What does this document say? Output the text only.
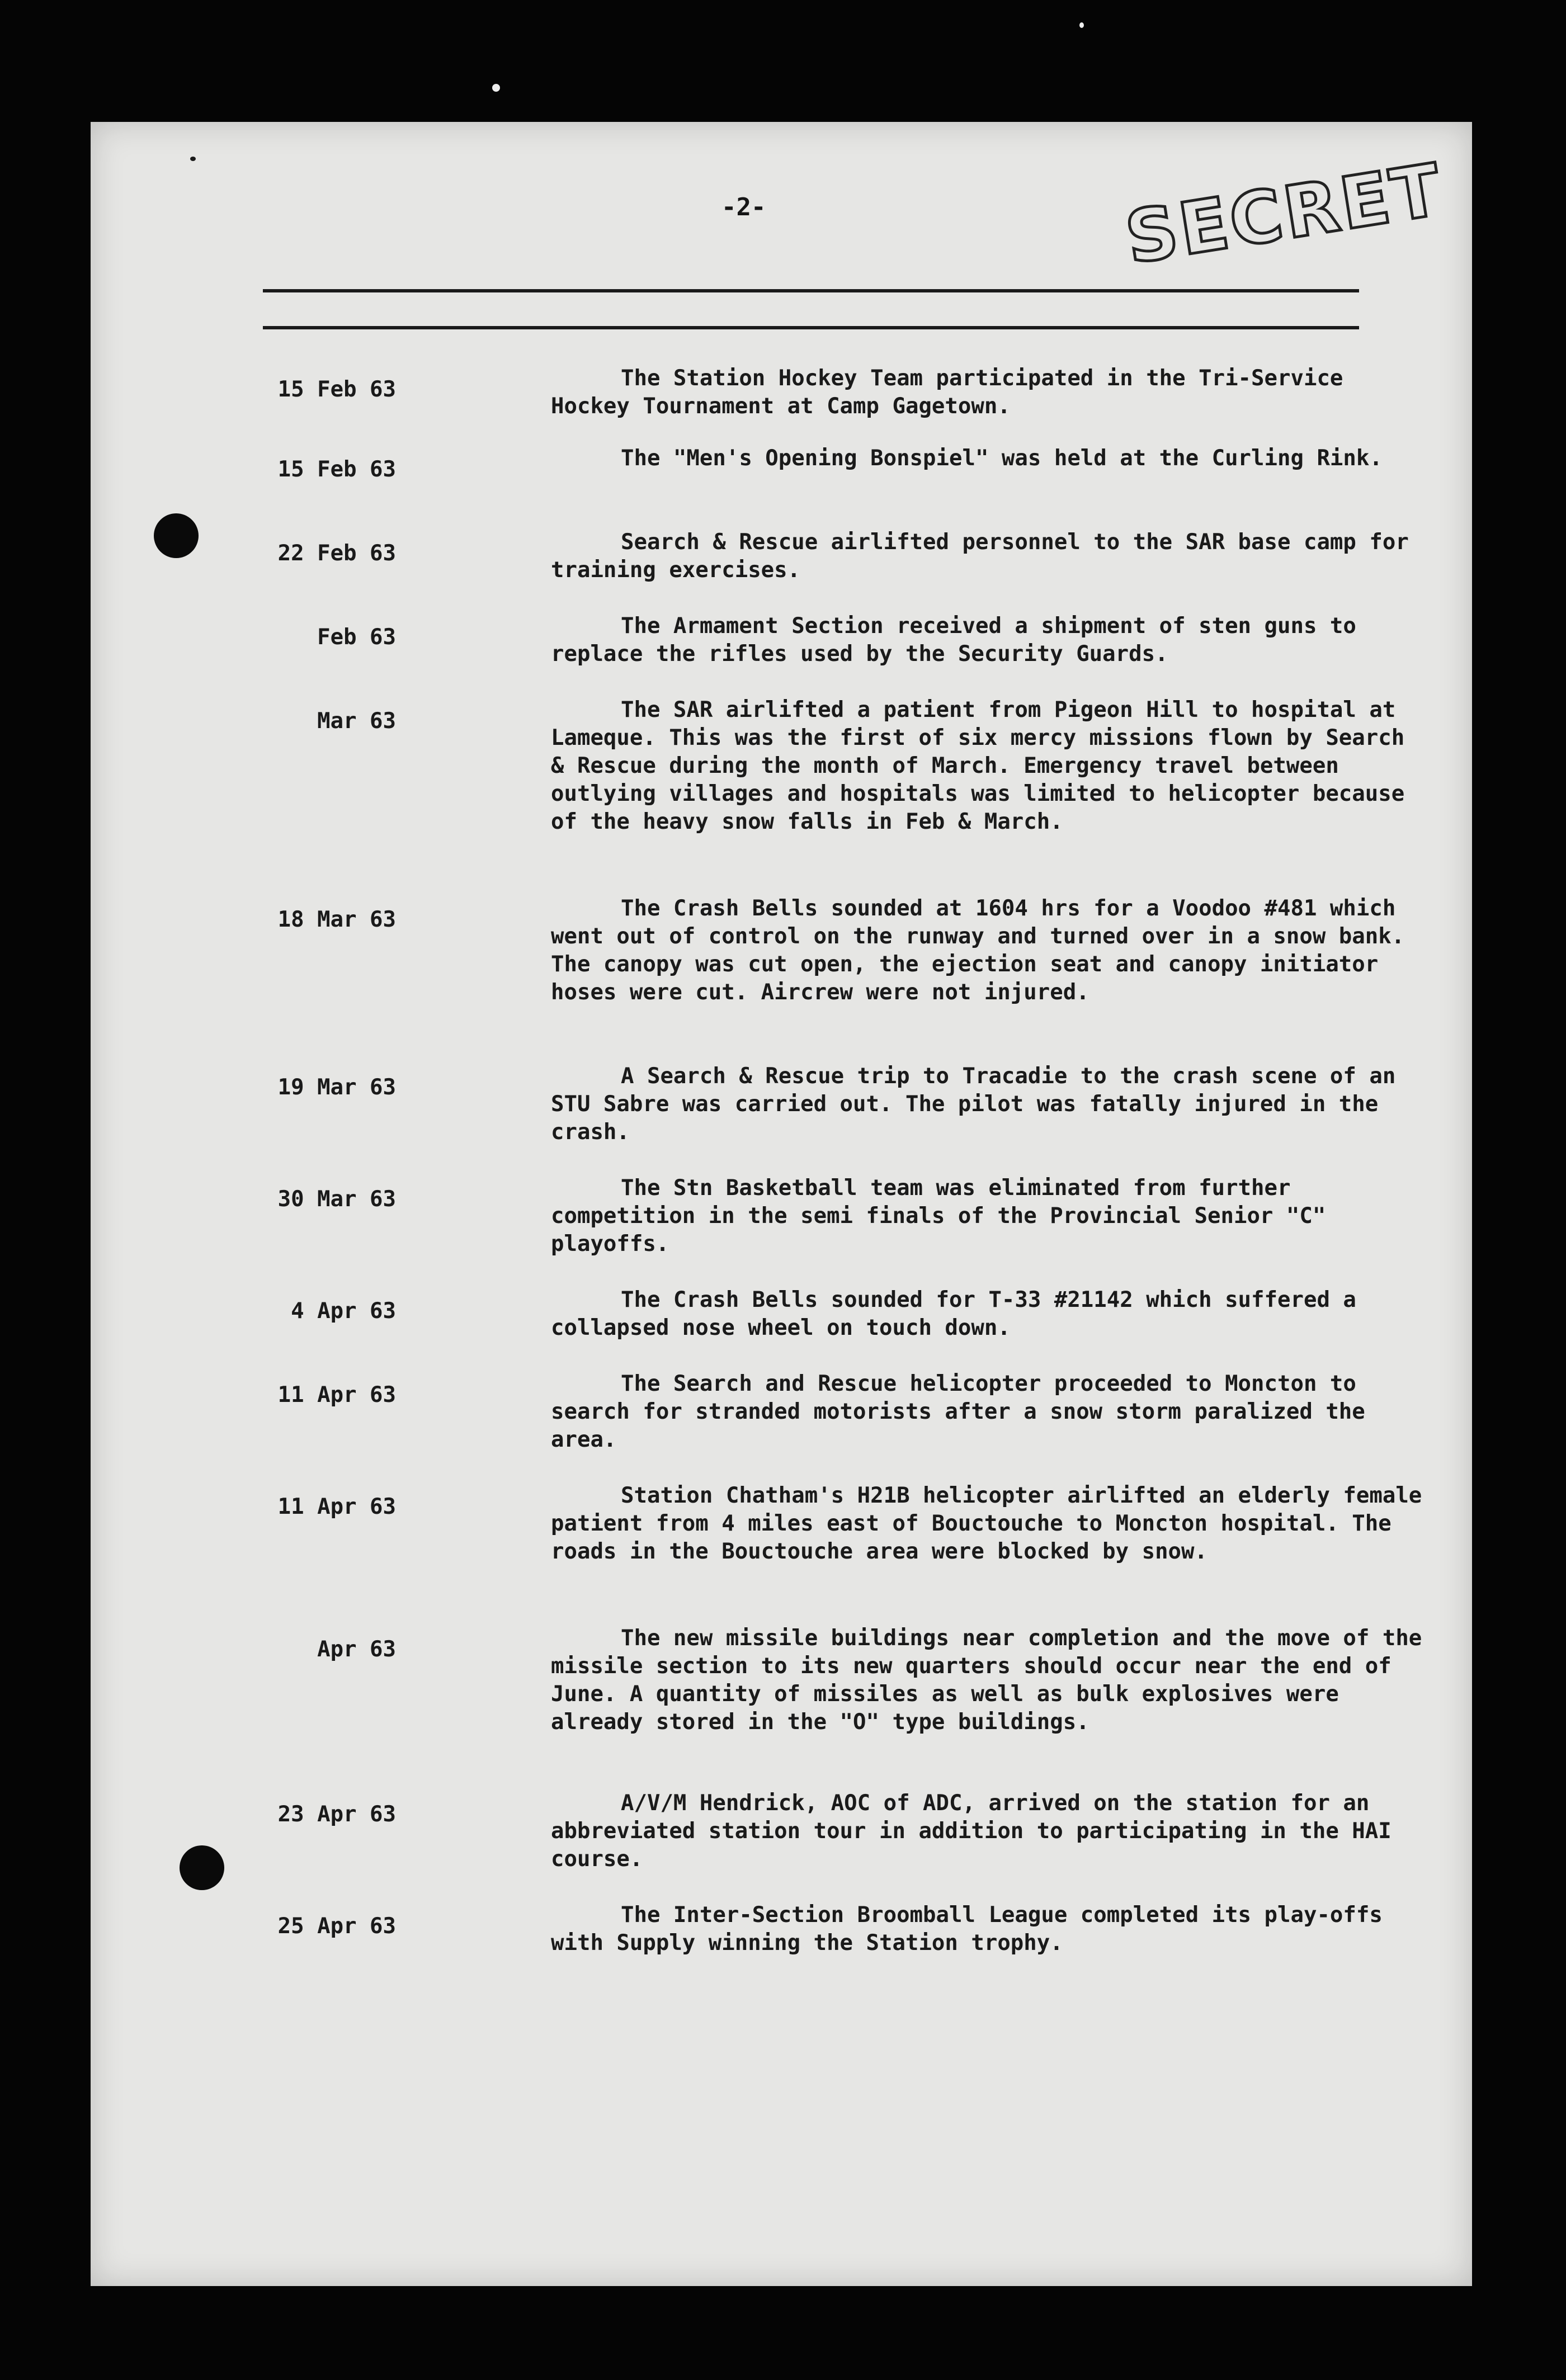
-2-	SECRET
15 Feb 63	The Station Hockey Team participated in the Tri-Service Hockey Tournament at Camp Gagetown.
15 Feb 63	The "Men's Opening Bonspiel" was held at the Curling Rink.
22 Feb 63	Search & Rescue airlifted personnel to the SAR base camp for training exercises.
Feb 63	The Armament Section received a shipment of sten guns to replace the rifles used by the Security Guards.
Mar 63	The SAR airlifted a patient from Pigeon Hill to hospital at Lameque. This was the first of six mercy missions flown by Search & Rescue during the month of March. Emergency travel between outlying villages and hospitals was limited to helicopter because of the heavy snow falls in Feb & March.
18 Mar 63	The Crash Bells sounded at 1604 hrs for a Voodoo #481 which went out of control on the runway and turned over in a snow bank. The canopy was cut open, the ejection seat and canopy initiator hoses were cut. Aircrew were not injured.
19 Mar 63	A Search & Rescue trip to Tracadie to the crash scene of an STU Sabre was carried out. The pilot was fatally injured in the crash.
30 Mar 63	The Stn Basketball team was eliminated from further competition in the semi finals of the Provincial Senior "C" playoffs.
4 Apr 63	The Crash Bells sounded for T-33 #21142 which suffered a collapsed nose wheel on touch down.
11 Apr 63	The Search and Rescue helicopter proceeded to Moncton to search for stranded motorists after a snow storm paralized the area.
11 Apr 63	Station Chatham's H21B helicopter airlifted an elderly female patient from 4 miles east of Bouctouche to Moncton hospital. The roads in the Bouctouche area were blocked by snow.
Apr 63	The new missile buildings near completion and the move of the missile section to its new quarters should occur near the end of June. A quantity of missiles as well as bulk explosives were already stored in the "O" type buildings.
23 Apr 63	A/V/M Hendrick, AOC of ADC, arrived on the station for an abbreviated station tour in addition to participating in the HAI course.
25 Apr 63	The Inter-Section Broomball League completed its play-offs with Supply winning the Station trophy.
